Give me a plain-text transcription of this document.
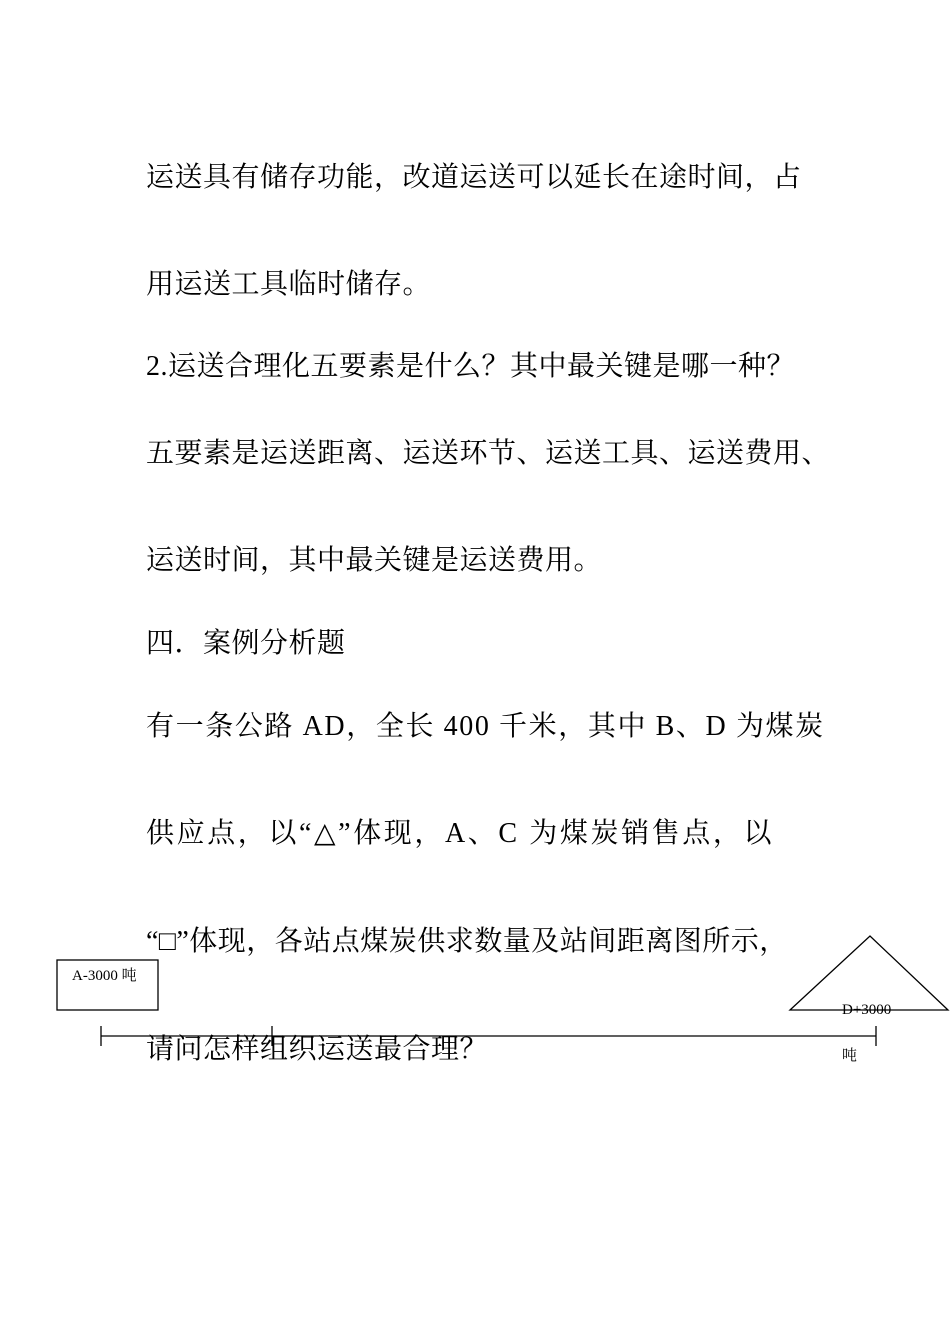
运送具有储存功能，改道运送可以延长在途时间，占

用运送工具临时储存。

2.运送合理化五要素是什么？其中最关键是哪一种？

五要素是运送距离、运送环节、运送工具、运送费用、

运送时间，其中最关键是运送费用。

四．案例分析题

有一条公路 AD，全长 400 千米，其中 B、D 为煤炭

供应点，以“△”体现，A、C 为煤炭销售点，以

“□”体现，各站点煤炭供求数量及站间距离图所示，

请问怎样组织运送最合理？

A-3000 吨
D+3000
吨
